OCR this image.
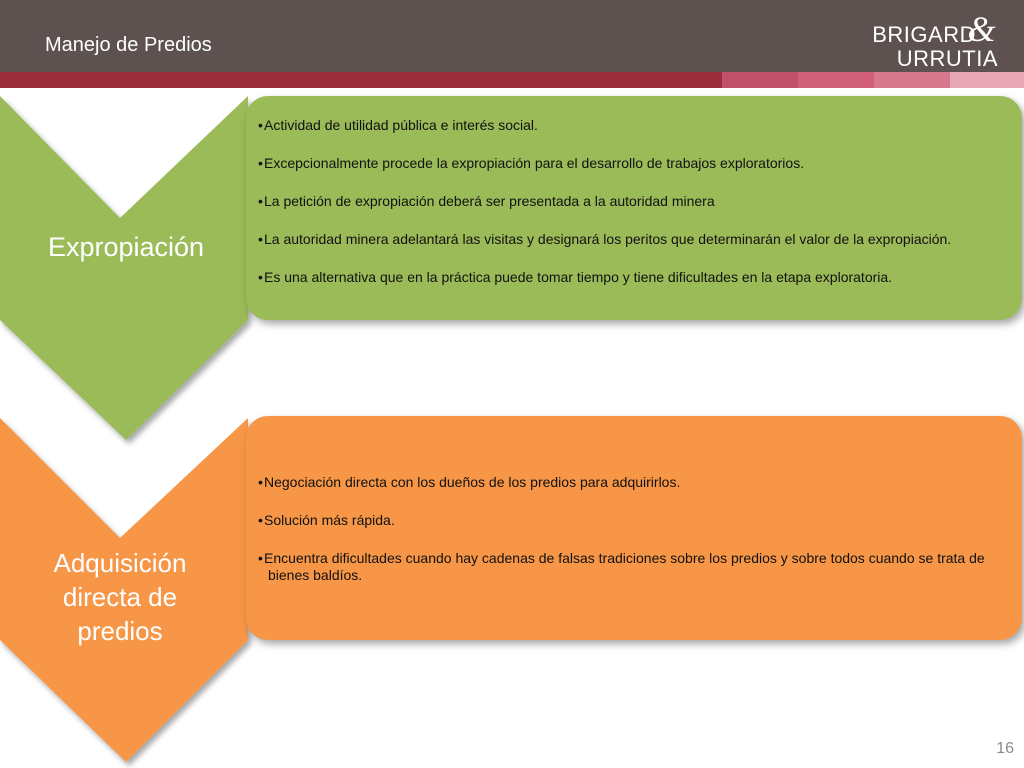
Manejo de Predios	BRIGARD
&
URRUTIA
Expropiación
Adquisición directa de predios
•Actividad de utilidad pública e interés social.
•Excepcionalmente procede la expropiación para el desarrollo de trabajos exploratorios.
•La petición de expropiación deberá ser presentada a la autoridad minera
•La autoridad minera adelantará las visitas y designará los peritos que determinarán el valor de la expropiación.
•Es una alternativa que en la práctica puede tomar tiempo y tiene dificultades en la etapa exploratoria.
•Negociación directa con los dueños de los predios para adquirirlos.
•Solución más rápida.
•Encuentra dificultades cuando hay cadenas de falsas tradiciones sobre los predios y sobre todos cuando se trata de bienes baldíos.
16
